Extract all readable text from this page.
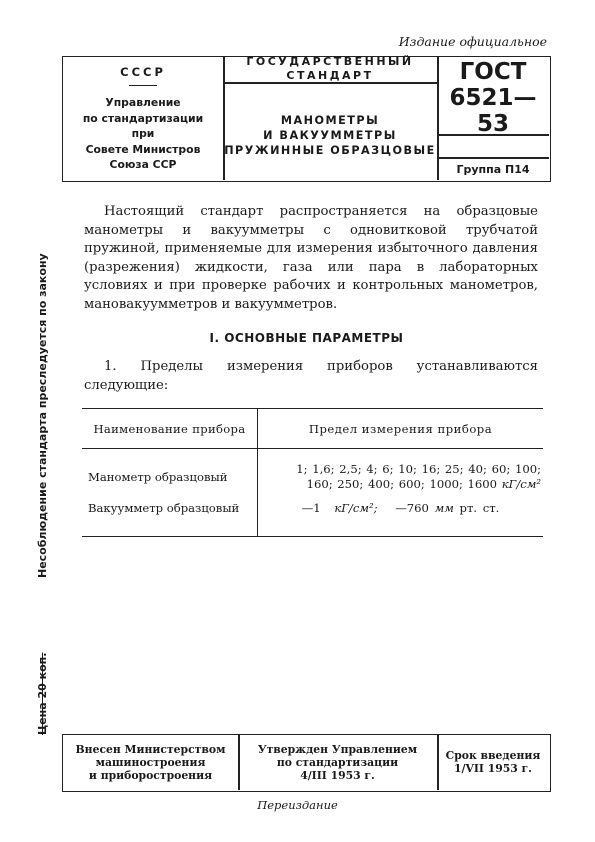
Издание официальное
Несоблюдение стандарта преследуется по закону
Цена 20 коп.
СССР
Управление
по стандартизации
при
Совете Министров
Союза ССР
ГОСУДАРСТВЕННЫЙ
СТАНДАРТ
МАНОМЕТРЫ
И ВАКУУММЕТРЫ
ПРУЖИННЫЕ ОБРАЗЦОВЫЕ
ГОСТ
6521—53
Группа П14

Настоящий стандарт распространяется на образцовые манометры и вакуумметры с одновитковой трубчатой пружиной, применяемые для измерения избыточного давления (разрежения) жидкости, газа или пара в лабораторных условиях и при проверке рабочих и контрольных манометров, мановакуумметров и вакуумметров.

I. ОСНОВНЫЕ ПАРАМЕТРЫ

1. Пределы измерения приборов устанавливаются следующие:

Наименование прибора	Предел измерения прибора
Манометр образцовый	1; 1,6; 2,5; 4; 6; 10; 16; 25; 40; 60; 100;
160; 250; 400; 600; 1000; 1600 кГ/см²

Вакуумметр образцовый	—1 кГ/см²; —760 мм рт. ст.
Внесен Министерством
машиностроения
и приборостроения
Утвержден Управлением
по стандартизации
4/III 1953 г.
Срок введения
1/VII 1953 г.
Переиздание
